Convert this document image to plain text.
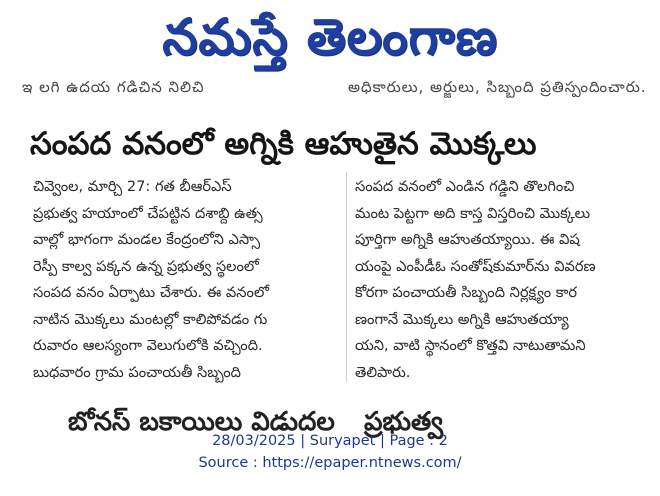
నమస్తే తెలంగాణ
ఇ లగి ఉదయ గడిచిన నిలిచి	అధికారులు, అర్జులు, సిబ్బంది ప్రతిస్పందించారు.
సంపద వనంలో అగ్నికి ఆహుతైన మొక్కలు

చివ్వెంల, మార్చి 27: గత బీఆర్ఎస్

ప్రభుత్వ హయాంలో చేపట్టిన దశాబ్ది ఉత్స

వాల్లో భాగంగా మండల కేంద్రంలోని ఎస్సా

రెస్పీ కాల్వ పక్కన ఉన్న ప్రభుత్వ స్థలంలో

సంపద వనం ఏర్పాటు చేశారు. ఈ వనంలో

నాటిన మొక్కలు మంటల్లో కాలిపోవడం గు

రువారం ఆలస్యంగా వెలుగులోకి వచ్చింది.

బుధవారం గ్రామ పంచాయతీ సిబ్బంది

సంపద వనంలో ఎండిన గడ్డిని తొలగించి

మంట పెట్టగా అది కాస్త విస్తరించి మొక్కలు

పూర్తిగా అగ్నికి ఆహుతయ్యాయి. ఈ విష

యంపై ఎంపీడీఓ సంతోష్‌కుమార్‌ను వివరణ

కోరగా పంచాయతీ సిబ్బంది నిర్లక్ష్యం కార

ణంగానే మొక్కలు అగ్నికి ఆహుతయ్యా

యని, వాటి స్థానంలో కొత్తవి నాటుతామని

తెలిపారు.

బోనస్ బకాయిలు విడుదల ప్రభుత్వ
28/03/2025 | Suryapet | Page : 2
Source : https://epaper.ntnews.com/
